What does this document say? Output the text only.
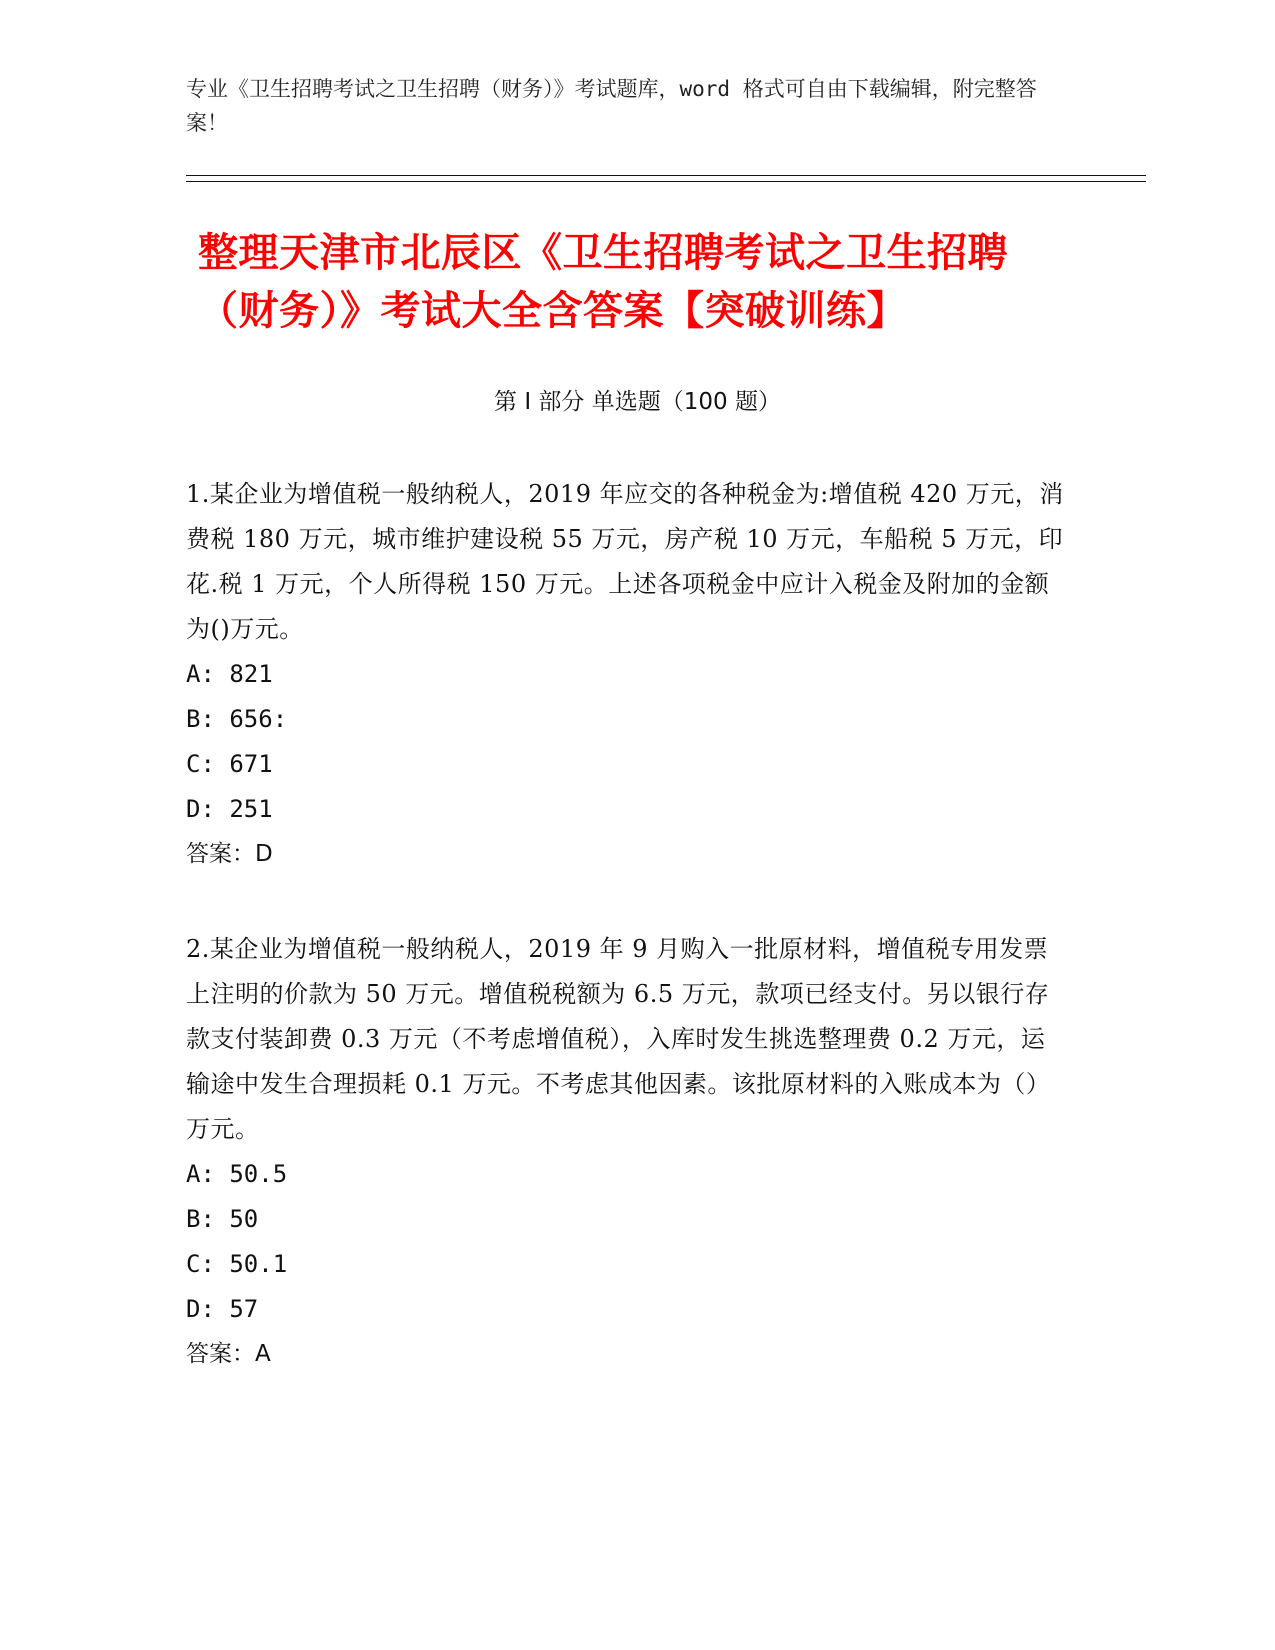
专业《卫生招聘考试之卫生招聘（财务）》考试题库，word 格式可自由下载编辑，附完整答案！
整理天津市北辰区《卫生招聘考试之卫生招聘（财务）》考试大全含答案【突破训练】
第 I 部分 单选题（100 题）

1.某企业为增值税一般纳税人，2019 年应交的各种税金为:增值税 420 万元，消费税 180 万元，城市维护建设税 55 万元，房产税 10 万元，车船税 5 万元，印花.税 1 万元，个人所得税 150 万元。上述各项税金中应计入税金及附加的金额为()万元。

A: 821
B: 656:
C: 671
D: 251
答案：D

2.某企业为增值税一般纳税人，2019 年 9 月购入一批原材料，增值税专用发票上注明的价款为 50 万元。增值税税额为 6.5 万元，款项已经支付。另以银行存款支付装卸费 0.3 万元（不考虑增值税），入库时发生挑选整理费 0.2 万元，运输途中发生合理损耗 0.1 万元。不考虑其他因素。该批原材料的入账成本为（）万元。

A: 50.5
B: 50
C: 50.1
D: 57
答案：A
